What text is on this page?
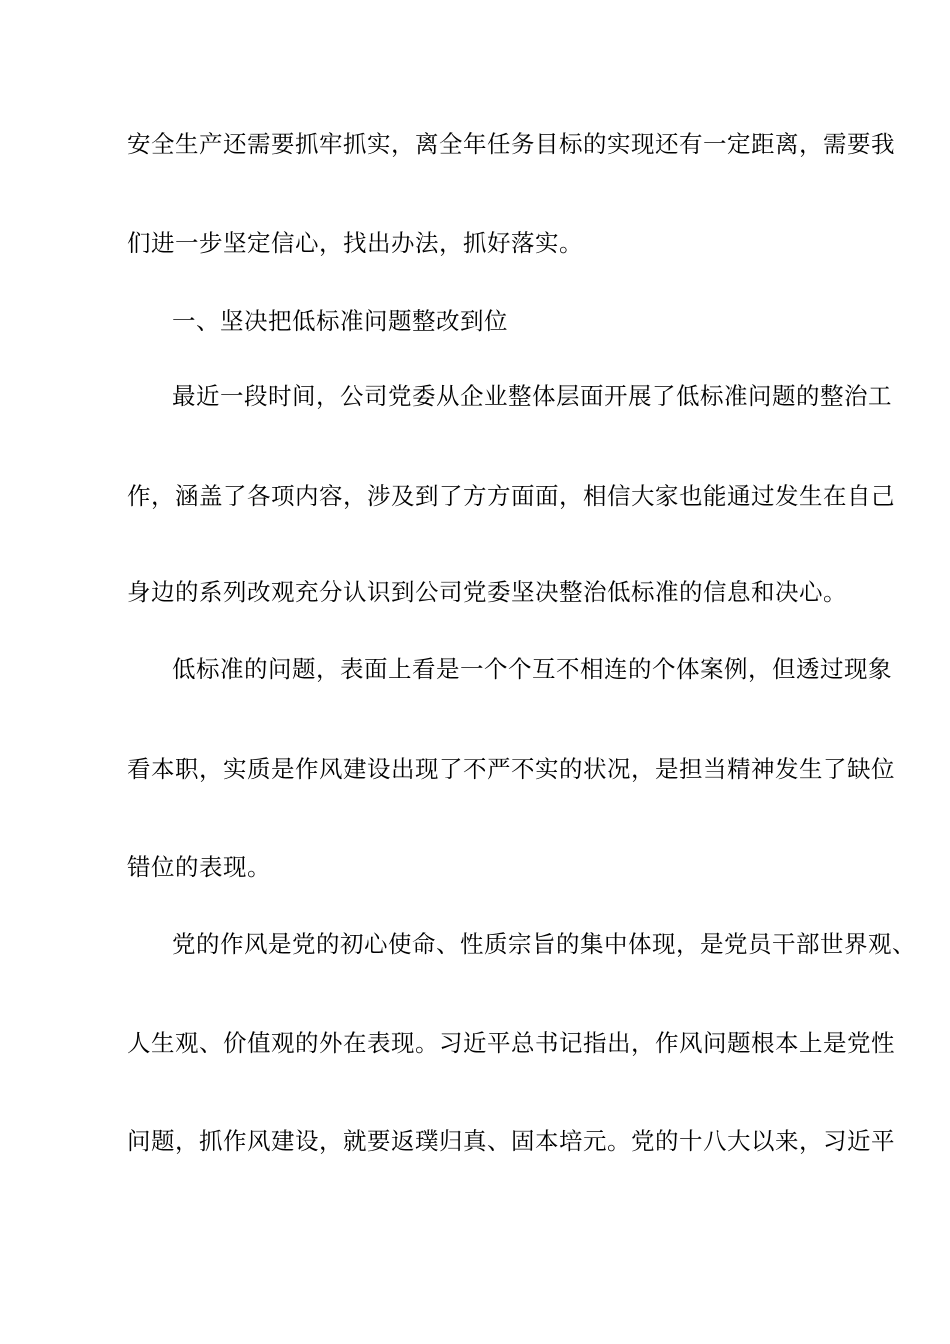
安全生产还需要抓牢抓实，离全年任务目标的实现还有一定距离，需要我
们进一步坚定信心，找出办法，抓好落实。
一、坚决把低标准问题整改到位
最近一段时间，公司党委从企业整体层面开展了低标准问题的整治工
作，涵盖了各项内容，涉及到了方方面面，相信大家也能通过发生在自己
身边的系列改观充分认识到公司党委坚决整治低标准的信息和决心。
低标准的问题，表面上看是一个个互不相连的个体案例，但透过现象
看本职，实质是作风建设出现了不严不实的状况，是担当精神发生了缺位
错位的表现。
党的作风是党的初心使命、性质宗旨的集中体现，是党员干部世界观、
人生观、价值观的外在表现。习近平总书记指出，作风问题根本上是党性
问题，抓作风建设，就要返璞归真、固本培元。党的十八大以来，习近平
